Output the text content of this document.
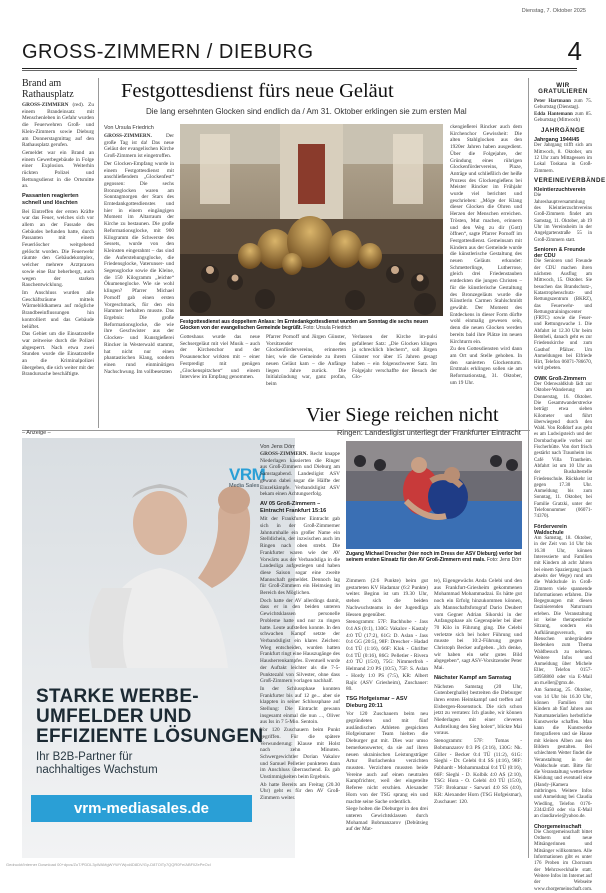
Dienstag, 7. Oktober 2025
GROSS-ZIMMERN / DIEBURG	4
Brand am Rathausplatz

GROSS-ZIMMERN (red). Zu einem Brandeinsatz mit Menschenleben in Gefahr wurden die Feuerwehren Groß- und Klein-Zimmern sowie Dieburg am Donnerstagmittag auf den Rathausplatz gerufen.

Gemeldet war ein Brand an einem Gewerbegebäude in Folge einer Explosion. Weiterhin rückten Polizei und Rettungsdienst in die Ortsmitte an.

Passanten reagierten schnell und löschten

Bei Eintreffen der ersten Kräfte war das Feuer, welches sich vor allem an der Fassade des Gebäudes befunden hatte, durch Passanten mit einem Feuerlöscher weitgehend gelöscht worden. Die Feuerwehr räumte den Gebäudekomplex, welcher mehrere Arztpraxen sowie eine Bar beherbergt, auch wegen der starken Rauchentwicklung.

Im Anschluss wurden alle Geschäftsräume mittels Wärmebildkamera auf mögliche Brandbeeinflussungen hin kontrolliert und das Gebäude belüftet.

Das Gebiet um die Einsatzstelle war zeitweise durch die Polizei abgesperrt. Nach etwa zwei Stunden wurde die Einsatzstelle an die Kriminalpolizei übergeben, die sich weiter mit der Brandursache beschäftigte.

Festgottesdienst fürs neue Geläut
Die lang ersehnten Glocken sind endlich da / Am 31. Oktober erklingen sie zum ersten Mal
Von Ursula Friedrich

GROSS-ZIMMERN.	Der große Tag ist da! Das neue Geläut der evangelischen Kirche Groß-Zimmern ist eingetroffen.

Der Glocken-Empfang wurde in einem Festgottesdienst mit anschließendem „Glockenfest“ gegossen: Die sechs Bronzeglocken waren am Sonntagmorgen der Stars des Erntedankgottesdienstes und hier in einem eingängigen Moment im Altarraum der Kirche zu bestaunen. Die große Reformationsglocke, mit 900 Kilogramm die Schwerste des Sessets, wurde von den Kleinsten eingerahmt – das sind die Auferstehungsglocke, die Friedensglocke, Vaterunser- und Segensglocke sowie die Kleine, die 150 Kilogramm „leichte“ Ökumeneglocke. Wie sie wohl klingen? Pfarrer Michael Pornoff gab einen ersten Vorgeschmack, für den ein Hammer herhalten musste. Das Ergebnis: Die große Reformationsglocke, die wie ihre Geschwister aus der Glocken- und Kunstgießerei Rincker in Westerwald stammt, hat nicht nur einen phantastischen Klang, sondern einen rund einminütigen Nachschwung. Im vollbesetzten

Festgottesdienst aus doppeltem Anlass: Im Erntedankgottesdienst wurden am Sonntag die sechs neuen Glocken von der evangelischen Gemeinde begrüßt. Foto: Ursula Friedrich

Gotteshaus wurde das neue Sechsergeläut mit viel Musik – auch der Kirchenchor und der Posaunenchor wirkten mit – einer Festpredigt mit genügen „Glockenspitzchen“ und einem Interview im Empfang genommen.

Pfarrer Pornoff und Jürgen Günster, Vorsitzender des Glockenfördervereins, erinnerten hier, wie die Gemeinde zu ihrem neuen Geläut kam – die Anfänge liegen Jahre zurück. Die Initialzündung war, ganz profan, beim

Verlassen der Kirche im-pulsi gefallener Satz: „Die Glocken klingen ja schrecklich blechern“, soll Jürgen Günster vor über 15 Jahren gesagt haben – ein folgenschwerer Satz. Im Folgejahr verschaffte der Besuch der Glo-

ckengießerei Rincker auch dem Kirchenchor Gewissheit: Die alten Stahlglocken aus den 1920er Jahren haben ausgedient. Über die Folgejahre, der Gründung eines rührigen Glockenfördervereins, Plaze, Anträge und schließlich der heiße Prozess des Glockengießens bei Meister Rincker im Frühjahr wurde viel berichtet und geschrieben: „Möge der Klang dieser Glocken die Ohren und Herzen der Menschen erreichen. Trösten, Mut machen, erinnern und den Weg zu dir (Gott) öffnen“, sagte Pfarrer Pornoff im Festgottesdienst. Gemeinsam mit Kindern aus der Gemeinde wurde die künstlerische Gestaltung des neuen Geläuts erkundet: Schmetterlinge, Lutherrose, gleich drei Friedenstauben entdeckten die jungen Christen – für die künstlerische Gestaltung des Bronzegeläuts wurde die Künstlerin Carmen Stahlschmidt gewählt. Der Moment des Entdeckens in dieser Form dürfte wohl einmalig gewesen sein, denn die neuen Glocken werden bereits bald ihre Plätze im neuen Kirchturm ein.

Zu den Gottesdiensten wird dann am Ort und Stelle gehoben. In den sanierten Glockenturm. Erstmals erklingen sollen sie am Reformationstag, 31. Oktober, um 19 Uhr.

– Anzeige –
VRM
Media Sales
STARKE WERBE-
UMFELDER UND
EFFIZIENTE LÖSUNGEN
Ihr B2B-Partner für
nachhaltiges Wachstum
vrm-mediasales.de
Vier Siege reichen nicht
Ringen: Landesligist unterliegt der Frankfurter Eintracht
Von Jens Dörr

GROSS-ZIMMERN. Recht knappe Niederlagen kassierten die Ringer aus Groß-Zimmern und Dieburg am Samstagabend. Landesligist ASV gewann dabei sogar die Hälfte der Einzelkämpfe. Verbandsligist ASV bekam einen Achtungserfolg.

AV 05 Groß-Zimmern – Eintracht Frankfurt 15:16

Mit der Frankfurter Eintracht gab sich in der Groß-Zimmerner Jahnturnhalle ein großer Name ein Stelldichein, der inzwischen auch im Ringen nach oben strebt. Die Frankfurter waren wie der AV Vorwärts aus der Verbandsliga in die Landesliga aufgestiegen und haben diese Saison sogar eine zweite Mannschaft gemeldet. Dennoch lag für Groß-Zimmern ein Heimsieg im Bereich des Möglichen.

Doch hatte der AV allerdings damit, dass er in den beiden unteren Gewichtsklassen personelle Probleme hatte und nur zu ringen hatte. Leute aufstellen konnte. In den schwachen Kampf setzte der Verbandsligist ein klares Zeichen: Wieg entscheiden, wurden hatten Frankfurt ringt eine Hauszugänge des Hausherrenkampfes. Eventuell wurde der Auftakt leichter als die 7-5-Punktezahl von Silvester, ohne dass Groß-Zimmern vorlagen nachhalf.

In der Schlussphase konnten Frankfurter bis auf 12 ge... aber sie klappten in seiner Schlussphase auf Stellung: Die Eintracht gewann insgesamt einmal die nun ..., Oliver aus Iss in 7 5-Mio. Sentoin.

Vor 120 Zuschauern beim Punkt gegriffen. Für die spätere Verwunderung: Klause mit Holst nach zehn Minuten. Schwergewichtler Dorian Vakalov und Samuel Pelletier punkteten dann im Anschluss überraschend. Es gab Unstimmigkeiten beim Ergebnis.

Ab hatte Bereits am Freitag (20.30 Uhr) geht es für den AV Groß-Zimmern weiter.

Zugang Michael Drescher (hier noch im Dress der ASV Dieburg) verlor bei seinem ersten Einsatz für den AV Groß-Zimmern erst mals. Foto: Jens Dörr

Zimmern (2:6 Punkte) beim gut gestarteten KV Hadamar (6:2 Punkte) weiter. Beginn ist um 19.30 Uhr, stehen sich die beiden Nachwuchsteams in der Jugendliga Hessen gegenüber.

Stenogramm: 57F: Bachhube - Jass 0:4 AS (0:1), 130G: Vakalov - Kastaly 4:0 TÜ (17:2), 61G: D. Aslan - Jass 0:4 GG (20:5), 98F: Drescher - Hadad 0:4 TÜ (1:16), 66F: Klok - Ghrifter 0:4 TÜ (0:16), 86G: Pelletier - Rivera 4:0 TÜ (15:0), 75G: Nimmerfroh - Helmand 2:0 PS (10:5), 75F: S. Aslan - Hordy 1:0 PS (7:5), KR: Albert Rajic (ASV Griesheim), Zuschauer: 80.

TSG Hofgeismar – ASV Dieburg 20:11

Vor 120 Zuschauern beim neu gegründeten und mit fünf ausländischen Athleten gespickten Hofgeismarer Team hielten die Dieburger gut mit. Dies war umso bemerkenswerter, da sie auf ihren neuen ukrainischen Leistungsträger Artur Burlachenko verzichten mussten. Verzichten mussten beide Vereine auch auf einen neutralen Kampfrichter, weil der eingeteilte Referee nicht erschien. Alexander Horn von der TSG sprang ein und machte seine Sache ordentlich.

Siege holten die Dieburger in den drei unteren Gewichtsklassen durch Mohamad Bobmanzarov (Debütsieg auf der Mat-

te), Eigengewächs Anda Celebi und den aus Frankfurt-Griesheim gekommenen Mohammad Mohammadzai. Es hätte gut noch ein Erfolg hinzukommen können, als Mannschaftsfotograf Dario Deubert vom Gegner Adrian Sikorski in der Anfangsphase als Gegenspieler bei über 70 Kilo in Führung ging. Die Celebi verletzte sich bei hoher Führung und musste bei 10:2-Führung gegen Christoph Becker aufgeben. „Ich denke, wir haben ein sehr gutes Bild abgegeben“, sagt ASV-Vorsitzender Peter Mai.

Nächster Kampf am Samstag

Nächsten Samstag (20 Uhr, Gutenberghalle) bestreiten die Dieburger ihren ersten Heimkampf und treffen auf Eisbergen-Rosenstock. Die sich schon jetzt zu verraten: Ich glaube, wir können Niederlagen mit einer cleveren Aufstellung den Sieg holen“, blickte Mai voraus.

Stenogramm: 57F: Tomas - Bobmanzarov 0:3 PS (3:16), 130G: Nk. Giller - Becker 0:4 TÜ (11:2), 61G: Sieghi - Dr. Celebi 0:4 SS (4:16), 98F: Pabhardt - Mohammadzai 0:4 TÜ (0:16), 66F: Sieghi - D. Kolbik 4:0 AS (2:10), TSG: Hora - O. Celebi 4:0 TÜ (15:0), 75F: Brokamar - Sarwari 4:0 SS (4:0), KR: Alexander Horn (TSG Hofgeismar), Zuschauer: 120.

WIR GRATULIEREN

Peter Hartmann zum 75. Geburtstag (Dienstag).

Edda Hantemann zum 85. Geburtstag (Mittwoch)

JAHRGÄNGE
Jahrgang 1944/45

Der Jahrgang trifft sich am Mittwoch, 8. Oktober, um 12 Uhr zum Mittagessen im Lokal Toskana in Groß-Zimmern.

VEREINE/VERBÄNDE
Kleintierzuchtverein

Die Jahreshauptversammlung des Kleintierzuchtvereins Groß-Zimmern findet am Samstag, 11. Oktober, ab 19 Uhr im Vereinsheim in der Angelgartenstraße 55 in Groß-Zimmern statt.

Senioren & Freunde der CDU

Die Senioren und Freunde der CDU machen ihren nächsten Ausflug am Mittwoch, 15. Oktober. Sie besuchen das Brandschutz-, Katastrophenschutz- und Rettungszentrum (BKRZ), das Feuerwehr- und Rettungstrainingscenter (FRTC) sowie die Feuer- und Rettungswache 1. Die Abfahrt ist 12.30 Uhr beim Bembeli, danach geht es zur Friedenskirche und zum Gasthof Pfälzer. Um Anmeldungen bei Elfriede Hirt, Telefon 06071-786670, wird gebeten.

OWK Groß-Zimmern

Der Odenwaldklub lädt zur Oktober-Wanderung am Donnerstag, 16. Oktober. Die Gesamtwanderstrecke beträgt etwa sieben Kilometer und führt überwiegend durch den Wald. Von Roßdorf aus geht es am Ludwigsteich und der Dornbachquelle vorbei zur Fischerhütte. Von dort frisch gestärkt nach Traunheim ins Café Villa Trautheim. Abfahrt ist um 10 Uhr an der Bushaltestelle Friedenschule. Rückkehr ist gegen 17.30 Uhr. Anmeldung bis zum Sonntag, 11. Oktober, bei Familie Gratzki, unter der Telefonnummer (06071-74370).

Förderverein Waldschule

Am Samstag, 18. Oktober, in der Zeit von 14 Uhr bis 16.30 Uhr, können Interessierte und Familien mit Kindern ab acht Jahren bei einem Spaziergang (auch abseits der Wege) rund um die Waldschule in Groß-Zimmern viele spannende Informationen erfahren. Die Begegnungen mit diesen faszinierenden Naturraum erleben. Die Veranstaltung ist keine therapeutische Sitzung, sondern ein Aufklärungsversuch, um Menschen unbegründete Bedenken zum Thema Waldbesuch zu nehmen. Weitere Infos und Anmeldung über Michele Eller, Telefon 0157-58958860 oder via E-Mail an m.eller@gmx.de.

Am Samstag, 25. Oktober, von 14 Uhr bis 16.30 Uhr, können Familien mit Kindern ab fünf Jahren aus Naturmaterialien herbstliche Kunstwerke schaffen. Man kann die Kunstwerke fotografieren und sie Hause mit kleinen Alben aus den Bildern gestalten. Bei schlechtem Wetter findet die Veranstaltung in der Waldschule statt. Bitte für die Veranstaltung wetterfeste Kleidung und eventuell eine (Handy-)Kamera mitbringen. Weitere Infos und Anmeldung bei Claudia Wiedling, Telefon 0176-23442450 oder via E-Mail an claudiawie@yahoo.de.

Chorgemeinschaft

Die Chorgemeinschaft bittet Ordnern und neue Mitsängerinnen und Mitsänger willkommen. Alle Informationen gibt es unter 176 Proben im Chorraum der Mehrzweckhalle statt. Weitere Infos im Internet auf der Webseite www.chorgemeinschaft.com.

Gedruckt/Interner Download 00+dpcs/ZoT/PDDL3pWAMgWYWYWpd4D8DV/Gy-D8TOiTy7QQR0Fe/ABFIlZePeOcl
